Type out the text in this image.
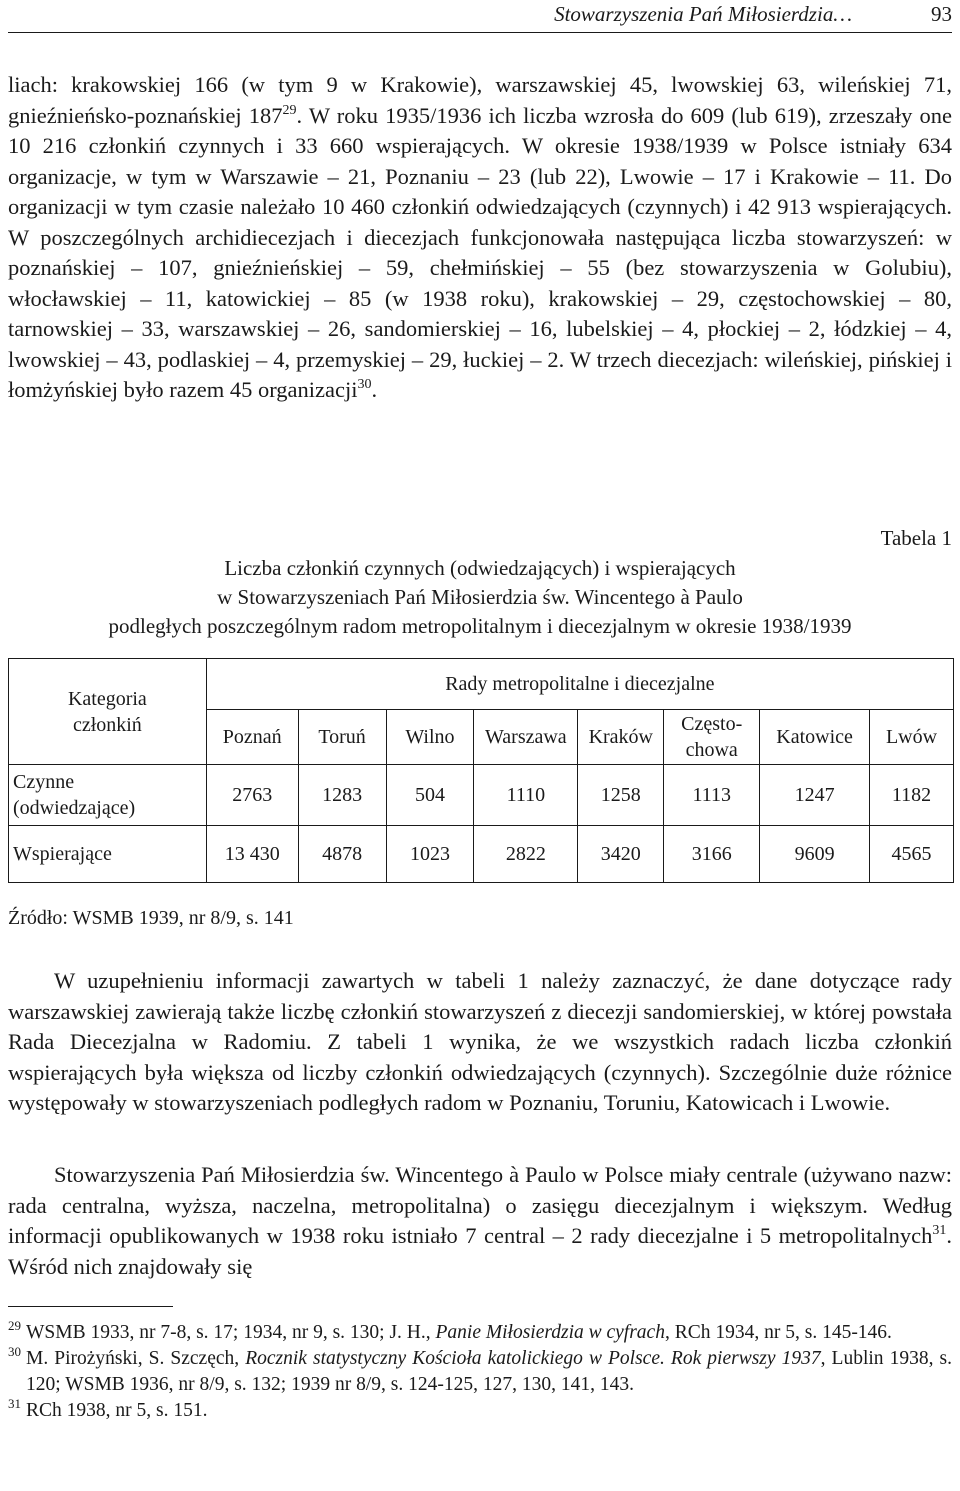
Stowarzyszenia Pań Miłosierdzia…	93

liach: krakowskiej 166 (w tym 9 w Krakowie), warszawskiej 45, lwowskiej 63, wileńskiej 71, gnieźnieńsko-poznańskiej $187^{29}$. W roku 1935/1936 ich liczba wzrosła do 609 (lub 619), zrzeszały one 10 216 członkiń czynnych i 33 660 wspierających. W okresie 1938/1939 w Polsce istniały 634 organizacje, w tym w Warszawie – 21, Poznaniu – 23 (lub 22), Lwowie – 17 i Krakowie – 11. Do organizacji w tym czasie należało 10 460 członkiń odwiedzających (czynnych) i 42 913 wspierających. W poszczególnych archidiecezjach i diecezjach funkcjonowała następująca liczba stowarzyszeń: w poznańskiej – 107, gnieźnieńskiej – 59, chełmińskiej – 55 (bez stowarzyszenia w Golubiu), włocławskiej – 11, katowickiej – 85 (w 1938 roku), krakowskiej – 29, częstochowskiej – 80, tarnowskiej – 33, warszawskiej – 26, sandomierskiej – 16, lubelskiej – 4, płockiej – 2, łódzkiej – 4, lwowskiej – 43, podlaskiej – 4, przemyskiej – 29, łuckiej – 2. W trzech diecezjach: wileńskiej, pińskiej i łomżyńskiej było razem 45 organizacji$^{30}$.

Tabela 1

Liczba członkiń czynnych (odwiedzających) i wspierających
w Stowarzyszeniach Pań Miłosierdzia św. Wincentego à Paulo
podległych poszczególnym radom metropolitalnym i diecezjalnym w okresie 1938/1939

Kategoria
członkiń	Rady metropolitalne i diecezjalne							
	Poznań	Toruń	Wilno	Warszawa	Kraków	Często-
chowa	Katowice	Lwów
Czynne
(odwiedzające)	2763	1283	504	1110	1258	1113	1247	1182
Wspierające	13 430	4878	1023	2822	3420	3166	9609	4565
Źródło: WSMB 1939, nr 8/9, s. 141

W uzupełnieniu informacji zawartych w tabeli 1 należy zaznaczyć, że dane dotyczące rady warszawskiej zawierają także liczbę członkiń stowarzyszeń z diecezji sandomierskiej, w której powstała Rada Diecezjalna w Radomiu. Z tabeli 1 wynika, że we wszystkich radach liczba członkiń wspierających była większa od liczby członkiń odwiedzających (czynnych). Szczególnie duże różnice występowały w stowarzyszeniach podległych radom w Poznaniu, Toruniu, Katowicach i Lwowie.

Stowarzyszenia Pań Miłosierdzia św. Wincentego à Paulo w Polsce miały centrale (używano nazw: rada centralna, wyższa, naczelna, metropolitalna) o zasięgu diecezjalnym i większym. Według informacji opublikowanych w 1938 roku istniało 7 central – 2 rady diecezjalne i 5 metropolitalnych$^{31}$. Wśród nich znajdowały się

$^{29}$ WSMB 1933, nr 7-8, s. 17; 1934, nr 9, s. 130; J. H., Panie Miłosierdzia w cyfrach, RCh 1934, nr 5, s. 145-146.
$^{30}$ M. Pirożyński, S. Szczęch, Rocznik statystyczny Kościoła katolickiego w Polsce. Rok pierwszy 1937, Lublin 1938, s. 120; WSMB 1936, nr 8/9, s. 132; 1939 nr 8/9, s. 124-125, 127, 130, 141, 143.
$^{31}$ RCh 1938, nr 5, s. 151.
